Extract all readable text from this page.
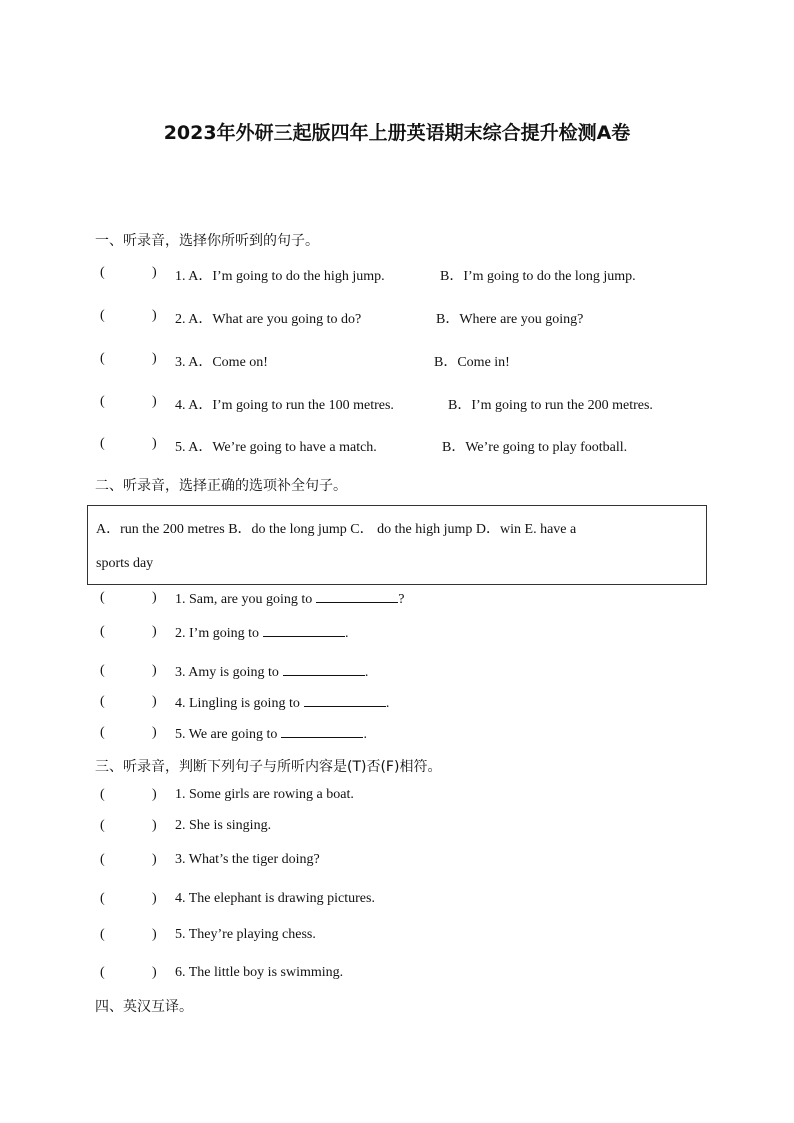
2023年外研三起版四年上册英语期末综合提升检测A卷
一、听录音，选择你所听到的句子。
(	) 1. A．I’m going to do the high jump.	B．I’m going to do the long jump.
(	) 2. A．What are you going to do?	B．Where are you going?
(	) 3. A．Come on!	B．Come in!
(	) 4. A．I’m going to run the 100 metres.	B．I’m going to run the 200 metres.
(	) 5. A．We’re going to have a match.	B．We’re going to play football.
二、听录音，选择正确的选项补全句子。
A．run the 200 metres B．do the long jump C． do the high jump D．win E. have a
sports day
(	) 1. Sam, are you going to	?
(	) 2. I’m going to	.
(	) 3. Amy is going to	.
(	) 4. Lingling is going to	.
(	) 5. We are going to	.
三、听录音，判断下列句子与所听内容是(T)否(F)相符。
(	) 1. Some girls are rowing a boat.
(	) 2. She is singing.
(	) 3. What’s the tiger doing?
(	) 4. The elephant is drawing pictures.
(	) 5. They’re playing chess.
(	) 6. The little boy is swimming.
四、英汉互译。
